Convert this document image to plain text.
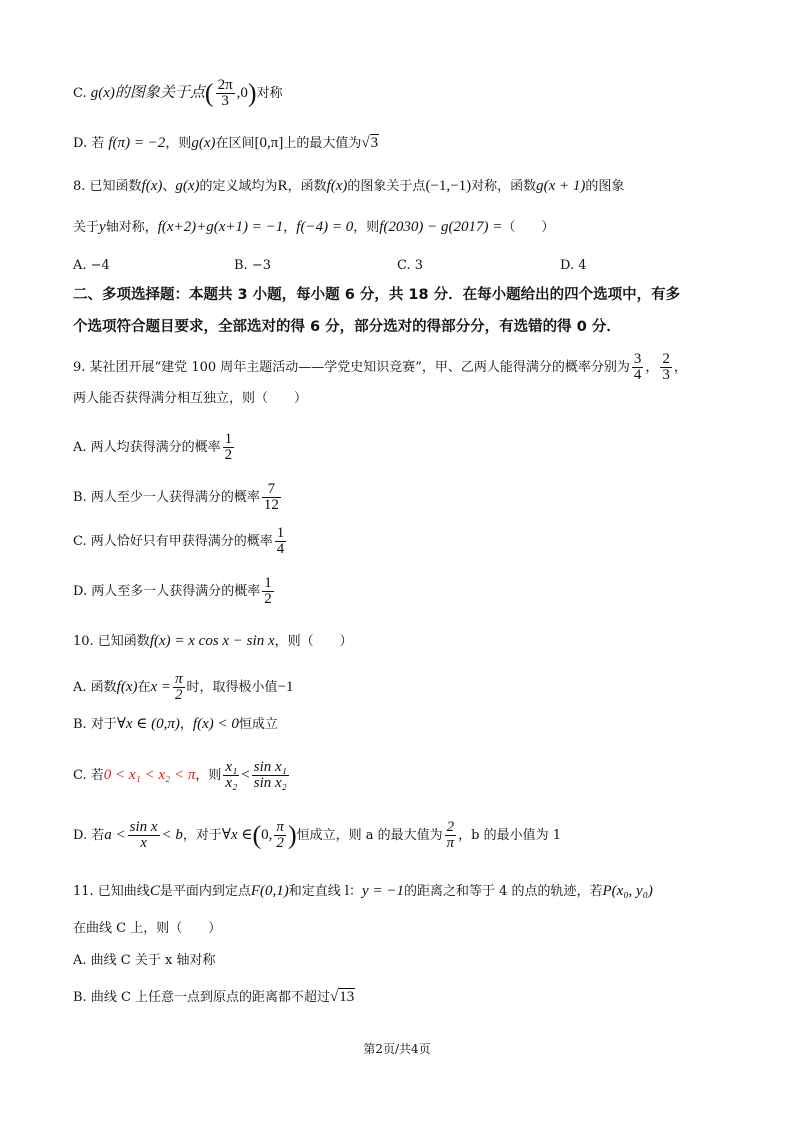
C. g(x)的图象关于点( $\frac{2\pi}{3} ,0$)对称
D. 若 f(π) = −2，则g(x)在区间[0,π]上的最大值为√3
8. 已知函数f(x)、g(x)的定义域均为R，函数f(x)的图象关于点(−1,−1)对称，函数g(x + 1)的图象
关于y轴对称，f(x+2)+g(x+1) = −1，f(−4) = 0，则f(2030) − g(2017) =（　　）
A. −4	B. −3	C. 3	D. 4
二、多项选择题：本题共 3 小题，每小题 6 分，共 18 分．在每小题给出的四个选项中，有多
个选项符合题目要求，全部选对的得 6 分，部分选对的得部分分，有选错的得 0 分．
9. 某社团开展“建党 100 周年主题活动——学党史知识竞赛”，甲、乙两人能得满分的概率分别为 $\frac{3}{4}$ ， $\frac{2}{3}$ ，
两人能否获得满分相互独立，则（　　）
A. 两人均获得满分的概率 $\frac{1}{2}$
B. 两人至少一人获得满分的概率 $\frac{7}{12}$
C. 两人恰好只有甲获得满分的概率 $\frac{1}{4}$
D. 两人至多一人获得满分的概率 $\frac{1}{2}$
10. 已知函数f(x) = x cos x − sin x，则（　　）
A. 函数f(x)在$x = \frac{\pi}{2}$ 时，取得极小值−1
B. 对于∀x ∈ (0,π)，f(x) < 0恒成立
C. 若0 < x₁ < x₂ < π，则 $\frac{\text{x₁}}{\text{x₂}} < \frac{\text{sin x₁}}{\text{sin x₂}}$
D. 若$a < \frac{\text{sin x}}{x} < b$，对于∀x ∈(0, $\frac{\pi}{2}$ )恒成立，则 a 的最大值为 $\frac{2}{\pi}$ ，b 的最小值为 1
11. 已知曲线C是平面内到定点F(0,1)和定直线 l：y = −1的距离之和等于 4 的点的轨迹，若P(x₀, y₀)
在曲线 C 上，则（　　）
A. 曲线 C 关于 x 轴对称
B. 曲线 C 上任意一点到原点的距离都不超过√13
第2页/共4页
